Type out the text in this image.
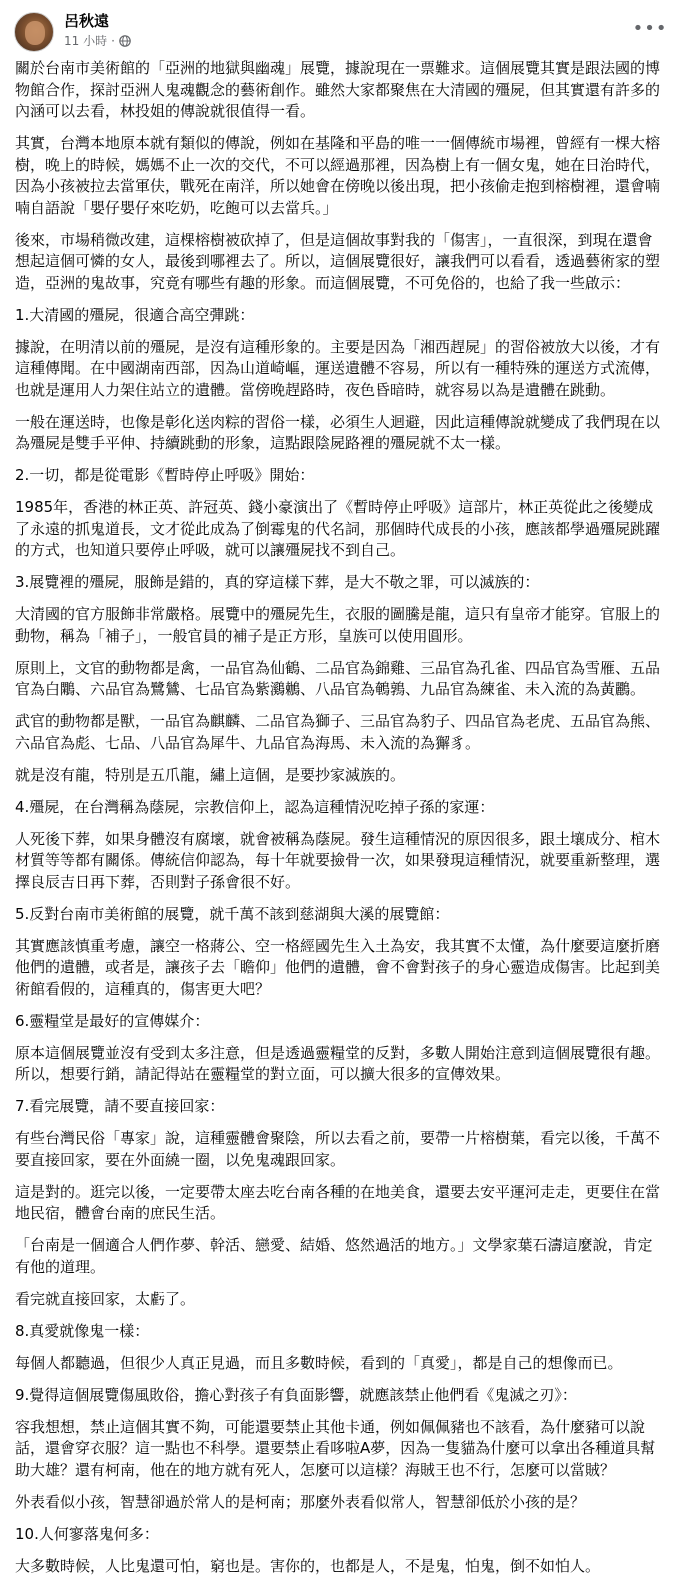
呂秋遠
11 小時 ·
•••

關於台南市美術館的「亞洲的地獄與幽魂」展覽，據說現在一票難求。這個展覽其實是跟法國的博物館合作，探討亞洲人鬼魂觀念的藝術創作。雖然大家都聚焦在大清國的殭屍，但其實還有許多的內涵可以去看，林投姐的傳說就很值得一看。

其實，台灣本地原本就有類似的傳說，例如在基隆和平島的唯一一個傳統市場裡，曾經有一棵大榕樹，晚上的時候，媽媽不止一次的交代，不可以經過那裡，因為樹上有一個女鬼，她在日治時代，因為小孩被拉去當軍伕，戰死在南洋，所以她會在傍晚以後出現，把小孩偷走抱到榕樹裡，還會喃喃自語說「嬰仔嬰仔來吃奶，吃飽可以去當兵。」

後來，市場稍微改建，這棵榕樹被砍掉了，但是這個故事對我的「傷害」，一直很深，到現在還會想起這個可憐的女人，最後到哪裡去了。所以，這個展覽很好，讓我們可以看看，透過藝術家的塑造，亞洲的鬼故事，究竟有哪些有趣的形象。而這個展覽，不可免俗的，也給了我一些啟示：

1.大清國的殭屍，很適合高空彈跳：

據說，在明清以前的殭屍，是沒有這種形象的。主要是因為「湘西趕屍」的習俗被放大以後，才有這種傳聞。在中國湖南西部，因為山道崎嶇，運送遺體不容易，所以有一種特殊的運送方式流傳，也就是運用人力架住站立的遺體。當傍晚趕路時，夜色昏暗時，就容易以為是遺體在跳動。

一般在運送時，也像是彰化送肉粽的習俗一樣，必須生人迴避，因此這種傳說就變成了我們現在以為殭屍是雙手平伸、持續跳動的形象，這點跟陰屍路裡的殭屍就不太一樣。

2.一切，都是從電影《暫時停止呼吸》開始：

1985年，香港的林正英、許冠英、錢小豪演出了《暫時停止呼吸》這部片，林正英從此之後變成了永遠的抓鬼道長，文才從此成為了倒霉鬼的代名詞，那個時代成長的小孩，應該都學過殭屍跳躍的方式，也知道只要停止呼吸，就可以讓殭屍找不到自己。

3.展覽裡的殭屍，服飾是錯的，真的穿這樣下葬，是大不敬之罪，可以滅族的：

大清國的官方服飾非常嚴格。展覽中的殭屍先生，衣服的圖騰是龍，這只有皇帝才能穿。官服上的動物，稱為「補子」，一般官員的補子是正方形，皇族可以使用圓形。

原則上，文官的動物都是禽，一品官為仙鶴、二品官為錦雞、三品官為孔雀、四品官為雪雁、五品官為白鷴、六品官為鷺鷥、七品官為紫鸂鶒、八品官為鵪鶉、九品官為練雀、未入流的為黃鸝。

武官的動物都是獸，一品官為麒麟、二品官為獅子、三品官為豹子、四品官為老虎、五品官為熊、六品官為彪、七品、八品官為犀牛、九品官為海馬、未入流的為獬豸。

就是沒有龍，特別是五爪龍，繡上這個，是要抄家滅族的。

4.殭屍，在台灣稱為蔭屍，宗教信仰上，認為這種情況吃掉子孫的家運：

人死後下葬，如果身體沒有腐壞，就會被稱為蔭屍。發生這種情況的原因很多，跟土壤成分、棺木材質等等都有關係。傳統信仰認為，每十年就要撿骨一次，如果發現這種情況，就要重新整理，選擇良辰吉日再下葬，否則對子孫會很不好。

5.反對台南市美術館的展覽，就千萬不該到慈湖與大溪的展覽館：

其實應該慎重考慮，讓空一格蔣公、空一格經國先生入土為安，我其實不太懂，為什麼要這麼折磨他們的遺體，或者是，讓孩子去「瞻仰」他們的遺體，會不會對孩子的身心靈造成傷害。比起到美術館看假的，這種真的，傷害更大吧？

6.靈糧堂是最好的宣傳媒介：

原本這個展覽並沒有受到太多注意，但是透過靈糧堂的反對，多數人開始注意到這個展覽很有趣。所以，想要行銷，請記得站在靈糧堂的對立面，可以擴大很多的宣傳效果。

7.看完展覽，請不要直接回家：

有些台灣民俗「專家」說，這種靈體會聚陰，所以去看之前，要帶一片榕樹葉，看完以後，千萬不要直接回家，要在外面繞一圈，以免鬼魂跟回家。

這是對的。逛完以後，一定要帶太座去吃台南各種的在地美食，還要去安平運河走走，更要住在當地民宿，體會台南的庶民生活。

「台南是一個適合人們作夢、幹活、戀愛、結婚、悠然過活的地方。」文學家葉石濤這麼說，肯定有他的道理。

看完就直接回家，太虧了。

8.真愛就像鬼一樣：

每個人都聽過，但很少人真正見過，而且多數時候，看到的「真愛」，都是自己的想像而已。

9.覺得這個展覽傷風敗俗，擔心對孩子有負面影響，就應該禁止他們看《鬼滅之刃》：

容我想想，禁止這個其實不夠，可能還要禁止其他卡通，例如佩佩豬也不該看，為什麼豬可以說話，還會穿衣服？這一點也不科學。還要禁止看哆啦A夢，因為一隻貓為什麼可以拿出各種道具幫助大雄？還有柯南，他在的地方就有死人，怎麼可以這樣？海賊王也不行，怎麼可以當賊？

外表看似小孩，智慧卻過於常人的是柯南；那麼外表看似常人，智慧卻低於小孩的是？

10.人何寥落鬼何多：

大多數時候，人比鬼還可怕，窮也是。害你的，也都是人，不是鬼，怕鬼，倒不如怕人。
